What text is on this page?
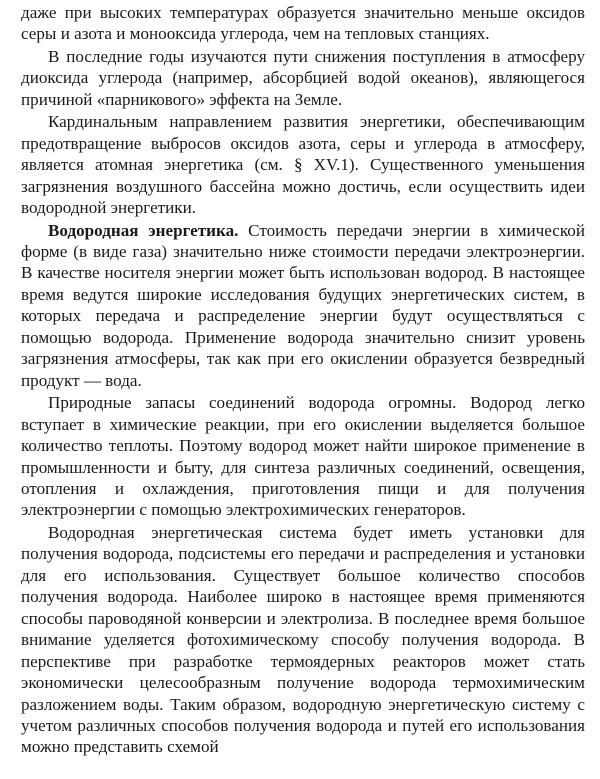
даже при высоких температурах образуется значительно меньше оксидов серы и азота и монооксида углерода, чем на тепловых станциях.

В последние годы изучаются пути снижения поступления в атмосферу диоксида углерода (например, абсорбцией водой океанов), являющегося причиной «парникового» эффекта на Земле.

Кардинальным направлением развития энергетики, обеспечивающим предотвращение выбросов оксидов азота, серы и углерода в атмосферу, является атомная энергетика (см. § XV.1). Существенного уменьшения загрязнения воздушного бассейна можно достичь, если осуществить идеи водородной энергетики.

Водородная энергетика. Стоимость передачи энергии в химической форме (в виде газа) значительно ниже стоимости передачи электроэнергии. В качестве носителя энергии может быть использован водород. В настоящее время ведутся широкие исследования будущих энергетических систем, в которых передача и распределение энергии будут осуществляться с помощью водорода. Применение водорода значительно снизит уровень загрязнения атмосферы, так как при его окислении образуется безвредный продукт — вода.

Природные запасы соединений водорода огромны. Водород легко вступает в химические реакции, при его окислении выделяется большое количество теплоты. Поэтому водород может найти широкое применение в промышленности и быту, для синтеза различных соединений, освещения, отопления и охлаждения, приготовления пищи и для получения электроэнергии с помощью электрохимических генераторов.

Водородная энергетическая система будет иметь установки для получения водорода, подсистемы его передачи и распределения и установки для его использования. Существует большое количество способов получения водорода. Наиболее широко в настоящее время применяются способы пароводяной конверсии и электролиза. В последнее время большое внимание уделяется фотохимическому способу получения водорода. В перспективе при разработке термоядерных реакторов может стать экономически целесообразным получение водорода термохимическим разложением воды. Таким образом, водородную энергетическую систему с учетом различных способов получения водорода и путей его использования можно представить схемой
